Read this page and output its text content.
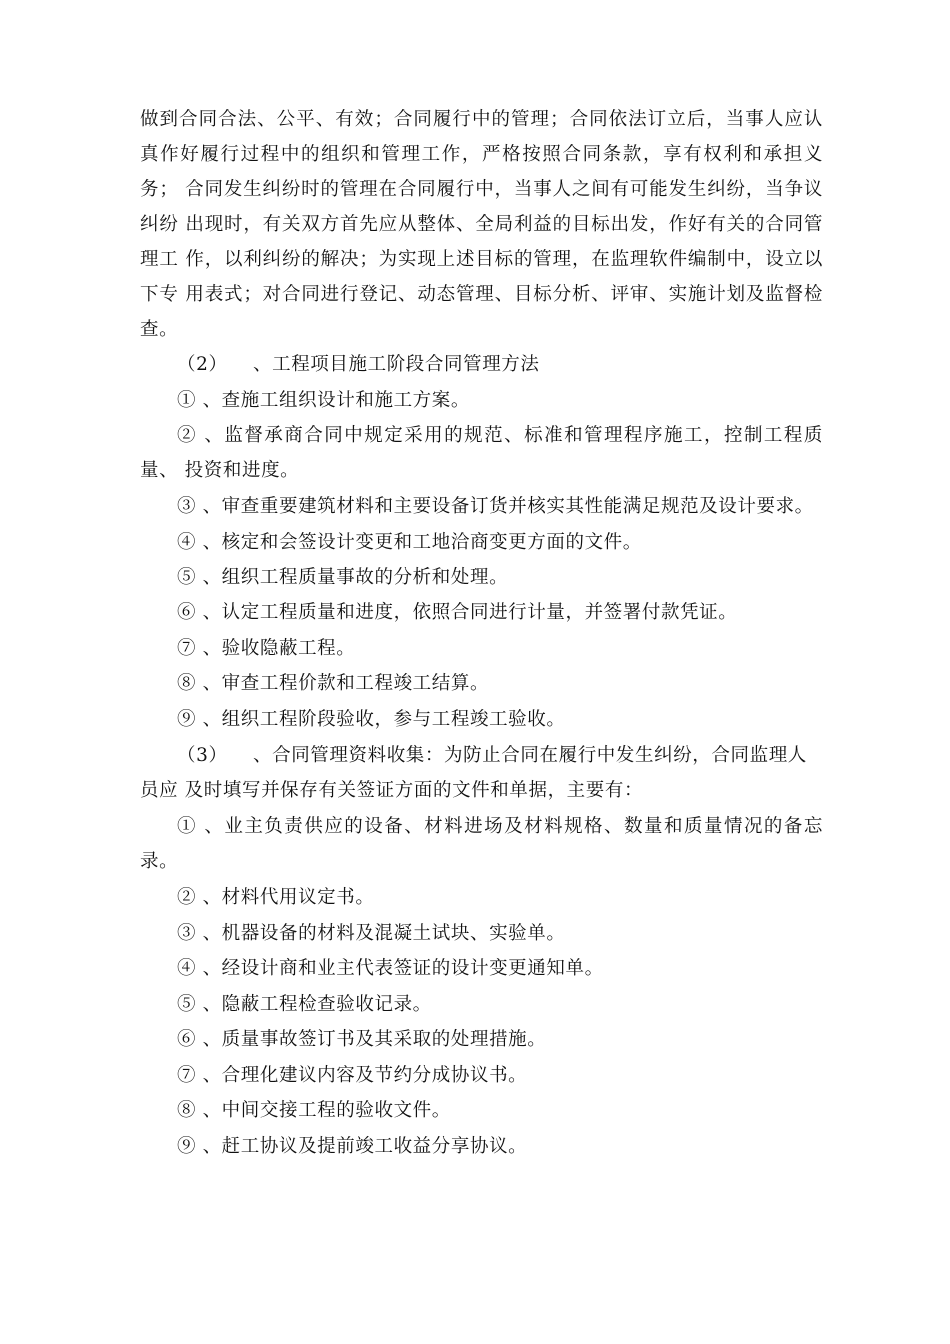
做到合同合法、公平、有效；合同履行中的管理；合同依法订立后，当事人应认
真作好履行过程中的组织和管理工作，严格按照合同条款，享有权利和承担义
务； 合同发生纠纷时的管理在合同履行中，当事人之间有可能发生纠纷，当争议
纠纷 出现时，有关双方首先应从整体、全局利益的目标出发，作好有关的合同管
理工 作，以利纠纷的解决；为实现上述目标的管理，在监理软件编制中，设立以
下专 用表式；对合同进行登记、动态管理、目标分析、评审、实施计划及监督检
查。
（2） 、工程项目施工阶段合同管理方法
① 、查施工组织设计和施工方案。
② 、监督承商合同中规定采用的规范、标准和管理程序施工，控制工程质
量、 投资和进度。
③ 、审查重要建筑材料和主要设备订货并核实其性能满足规范及设计要求。
④ 、核定和会签设计变更和工地洽商变更方面的文件。
⑤ 、组织工程质量事故的分析和处理。
⑥ 、认定工程质量和进度，依照合同进行计量，并签署付款凭证。
⑦ 、验收隐蔽工程。
⑧ 、审查工程价款和工程竣工结算。
⑨ 、组织工程阶段验收，参与工程竣工验收。
（3） 、合同管理资料收集：为防止合同在履行中发生纠纷，合同监理人
员应 及时填写并保存有关签证方面的文件和单据，主要有：
① 、业主负责供应的设备、材料进场及材料规格、数量和质量情况的备忘
录。
② 、材料代用议定书。
③ 、机器设备的材料及混凝土试块、实验单。
④ 、经设计商和业主代表签证的设计变更通知单。
⑤ 、隐蔽工程检查验收记录。
⑥ 、质量事故签订书及其采取的处理措施。
⑦ 、合理化建议内容及节约分成协议书。
⑧ 、中间交接工程的验收文件。
⑨ 、赶工协议及提前竣工收益分享协议。
